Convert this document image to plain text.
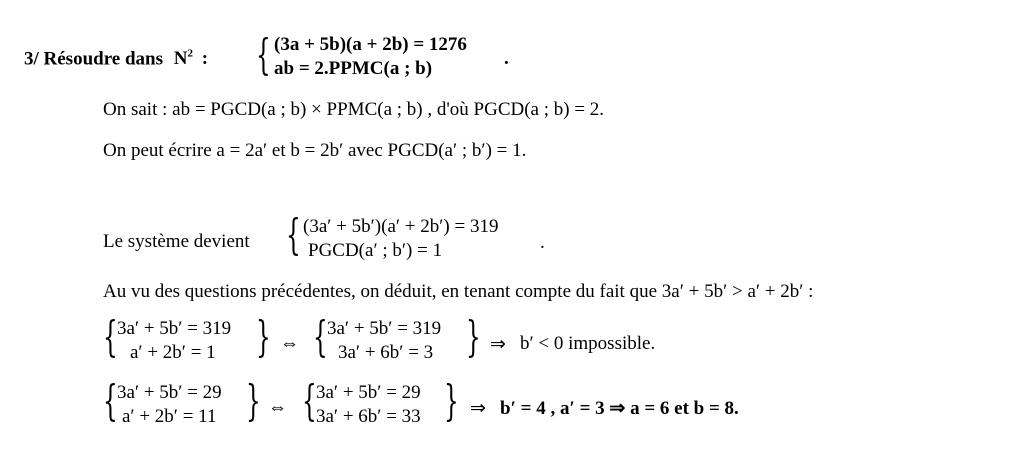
3/ Résoudre dans $N^2$ :
{
(3a + 5b)(a + 2b) = 1276
ab = 2.PPMC(a ; b)	.
On sait : ab = PGCD(a ; b) × PPMC(a ; b) , d'où PGCD(a ; b) = 2.
On peut écrire a = 2a′ et b = 2b′ avec PGCD(a′ ; b′) = 1.
Le système devient
{
(3a′ + 5b′)(a′ + 2b′) = 319
PGCD(a′ ; b′) = 1	.
Au vu des questions précédentes, on déduit, en tenant compte du fait que 3a′ + 5b′ > a′ + 2b′ :
{
3a′ + 5b′ = 319
a′ + 2b′ = 1 }	⇔
{
3a′ + 5b′ = 319
3a′ + 6b′ = 3 }	⇒ b′ < 0 impossible.
{
3a′ + 5b′ = 29
a′ + 2b′ = 11 }	⇔
{
3a′ + 5b′ = 29
3a′ + 6b′ = 33 }	⇒ b′ = 4 , a′ = 3 ⇒ a = 6 et b = 8.
